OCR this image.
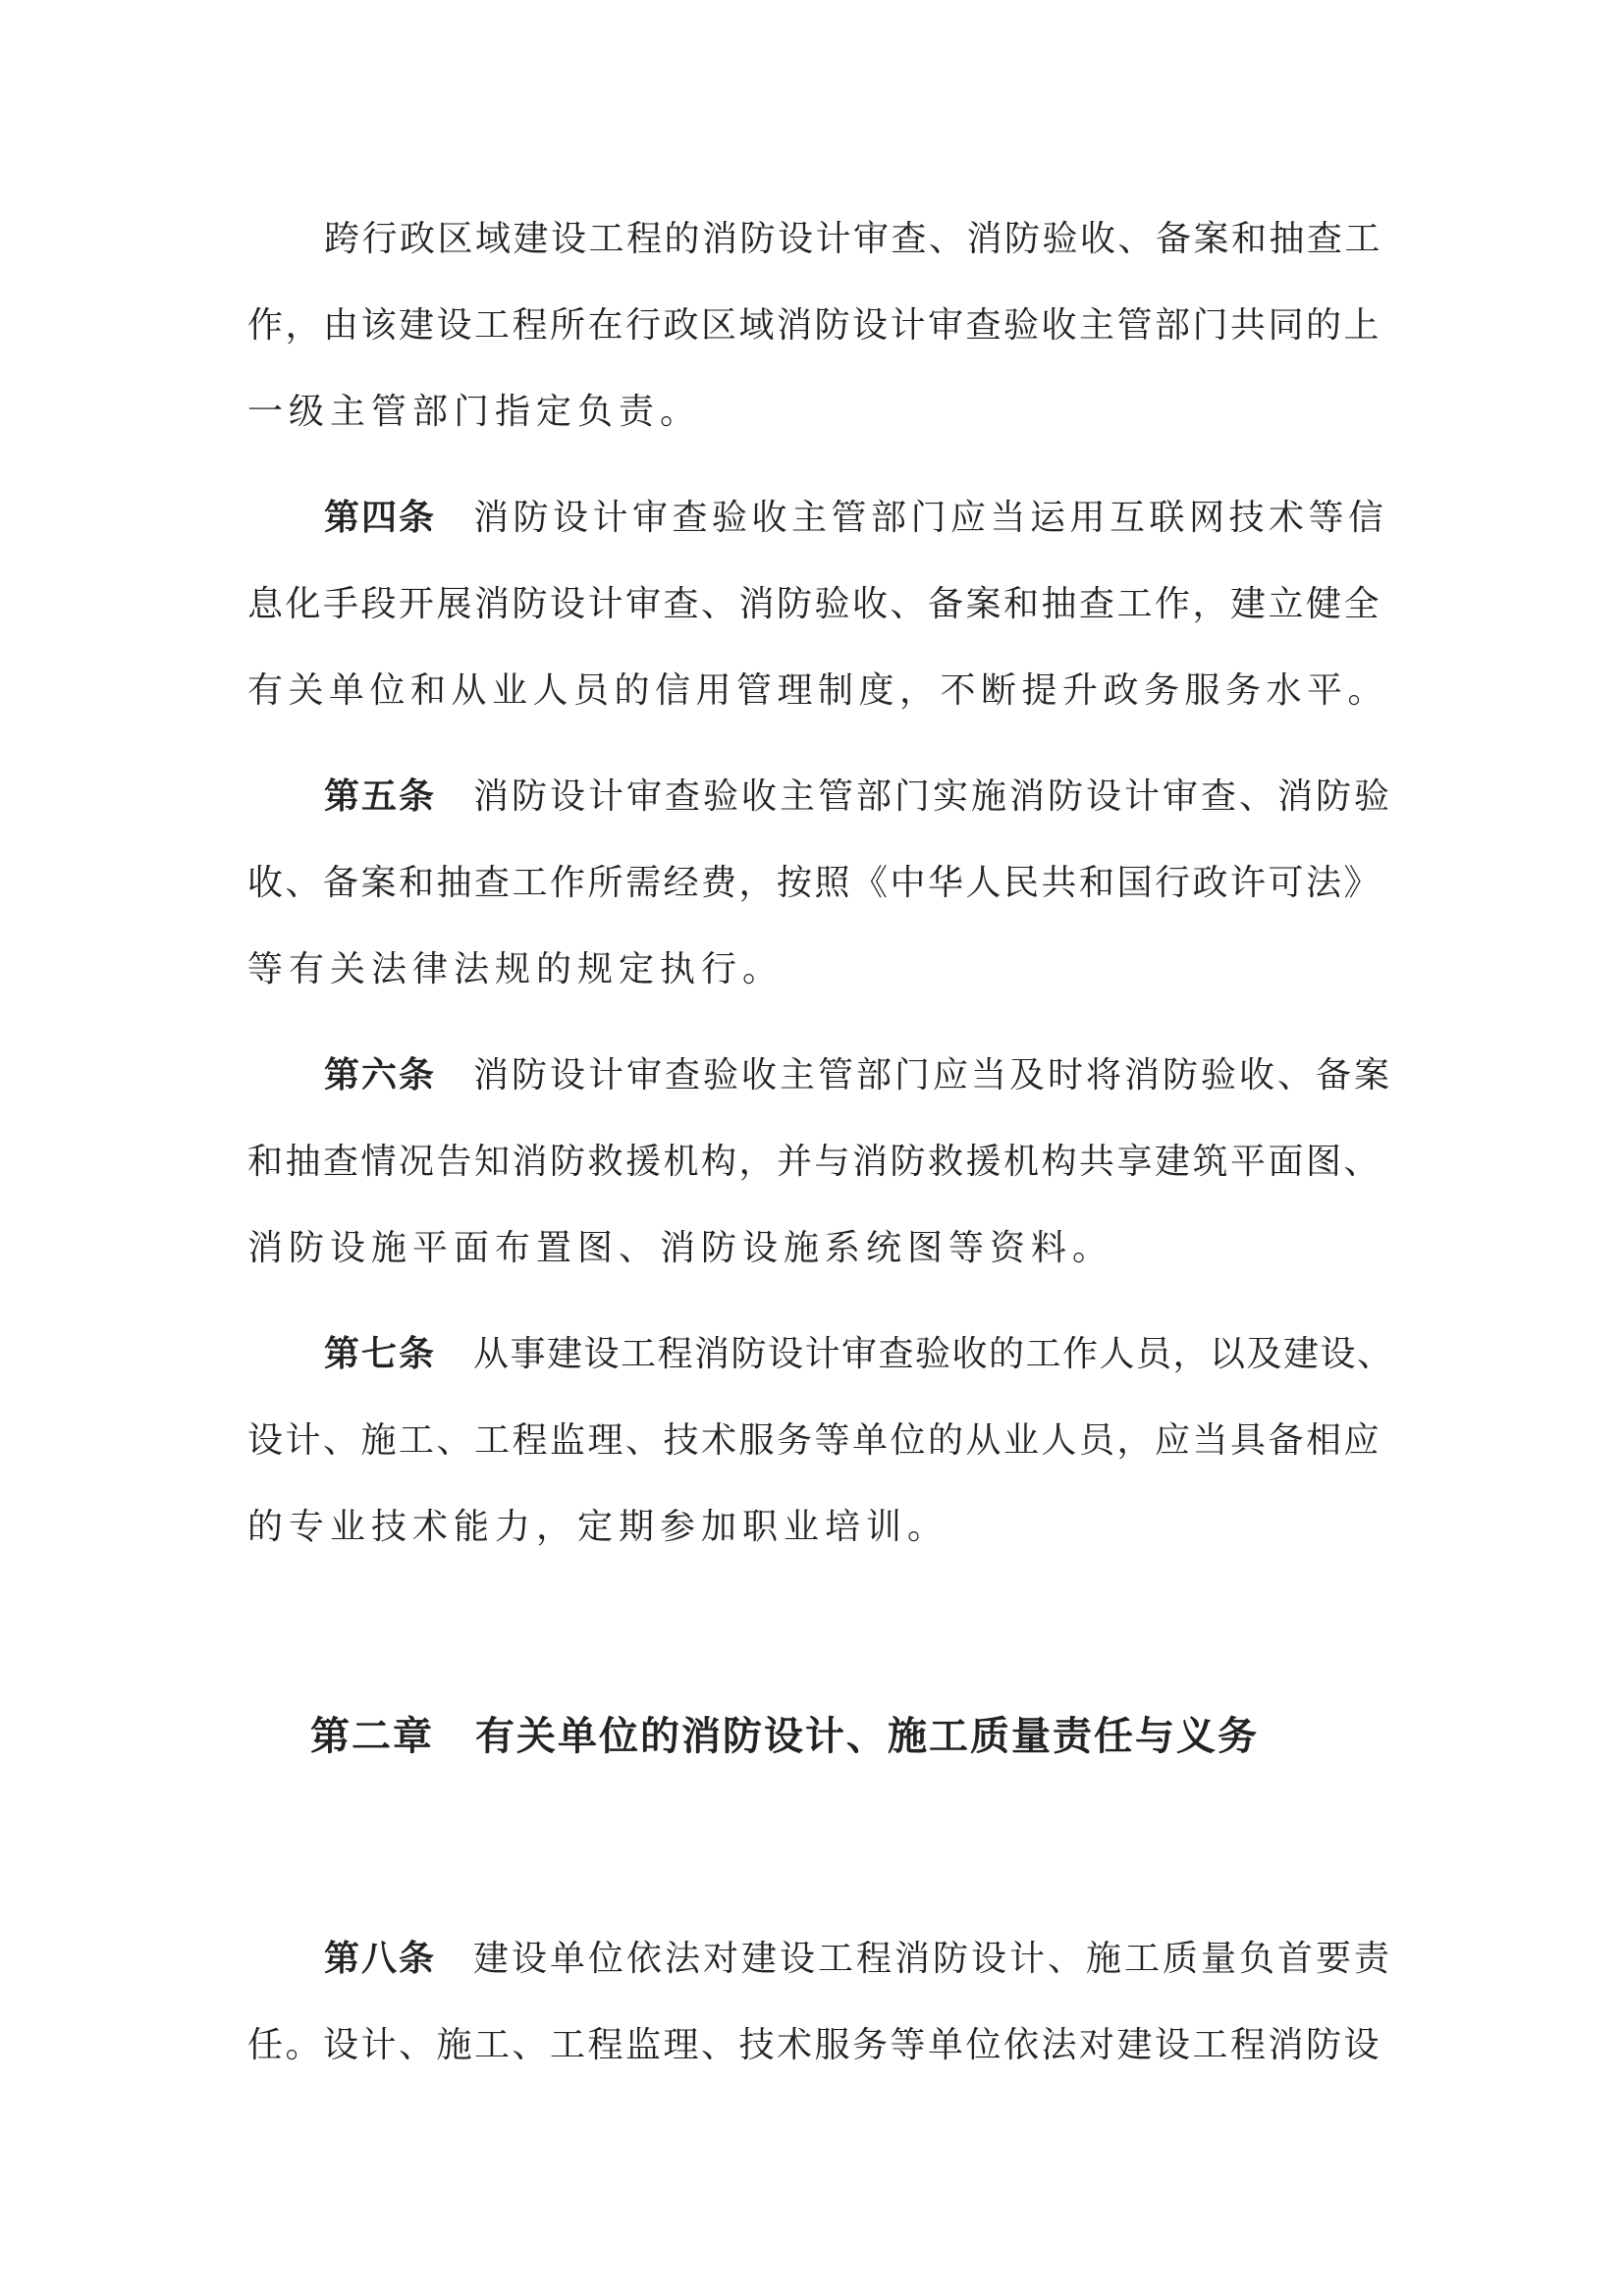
跨行政区域建设工程的消防设计审查、消防验收、备案和抽查工
作，由该建设工程所在行政区域消防设计审查验收主管部门共同的上
一级主管部门指定负责。
第四条 消防设计审查验收主管部门应当运用互联网技术等信
息化手段开展消防设计审查、消防验收、备案和抽查工作，建立健全
有关单位和从业人员的信用管理制度，不断提升政务服务水平。
第五条 消防设计审查验收主管部门实施消防设计审查、消防验
收、备案和抽查工作所需经费，按照《中华人民共和国行政许可法》
等有关法律法规的规定执行。
第六条 消防设计审查验收主管部门应当及时将消防验收、备案
和抽查情况告知消防救援机构，并与消防救援机构共享建筑平面图、
消防设施平面布置图、消防设施系统图等资料。
第七条 从事建设工程消防设计审查验收的工作人员，以及建设、
设计、施工、工程监理、技术服务等单位的从业人员，应当具备相应
的专业技术能力，定期参加职业培训。
第二章 有关单位的消防设计、施工质量责任与义务
第八条 建设单位依法对建设工程消防设计、施工质量负首要责
任。设计、施工、工程监理、技术服务等单位依法对建设工程消防设
